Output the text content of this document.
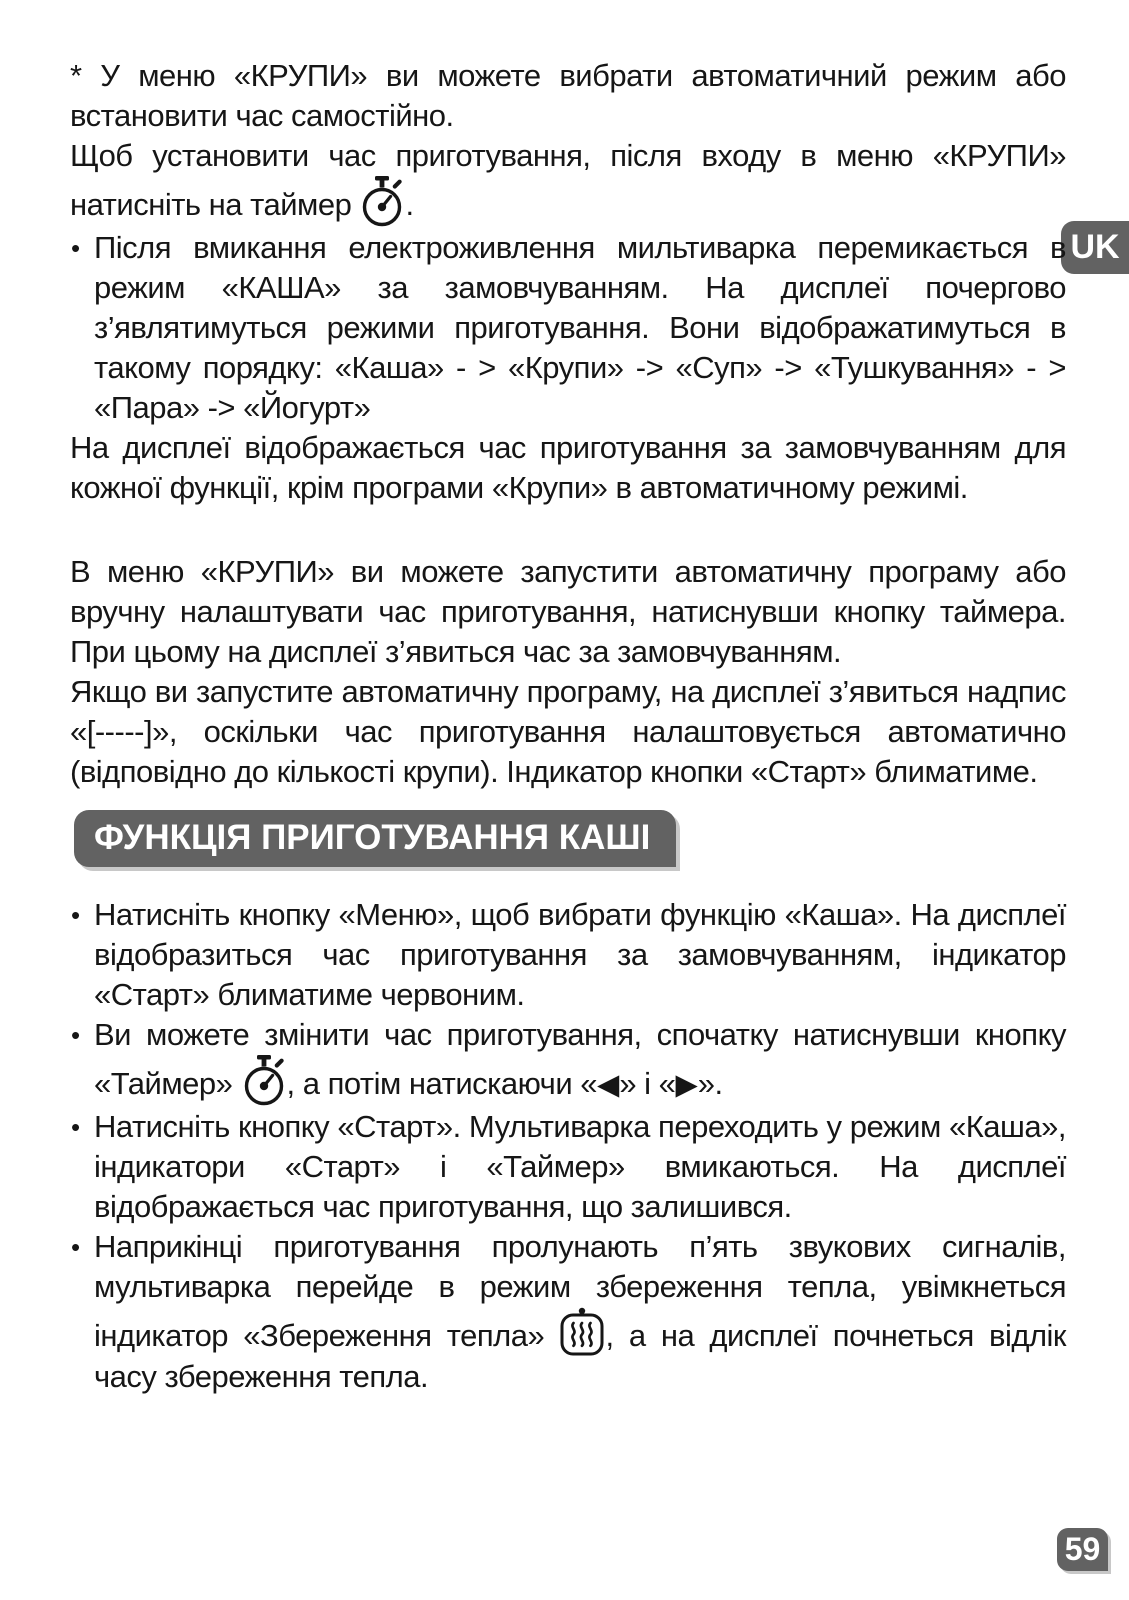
UK

* У меню «КРУПИ» ви можете вибрати автоматичний режим або встановити час самостійно.

Щоб установити час приготування, після входу в меню «КРУПИ» натисніть на таймер .

• Після вмикання електроживлення мильтиварка перемикається в режим «КАША» за замовчуванням. На дисплеї почергово з’являтимуться режими приготування. Вони відображатимуться в такому порядку: «Каша» - > «Крупи» -> «Суп» -> «Тушкування» - > «Пара» -> «Йогурт»

На дисплеї відображається час приготування за замовчуванням для кожної функції, крім програми «Крупи» в автоматичному режимі.

В меню «КРУПИ» ви можете запустити автоматичну програму або вручну налаштувати час приготування, натиснувши кнопку таймера. При цьому на дисплеї з’явиться час за замовчуванням.

Якщо ви запустите автоматичну програму, на дисплеї з’явиться надпис «[-----]», оскільки час приготування налаштовується автоматично (відповідно до кількості крупи). Індикатор кнопки «Старт» блиматиме.

ФУНКЦІЯ ПРИГОТУВАННЯ КАШІ
• Натисніть кнопку «Меню», щоб вибрати функцію «Каша». На дисплеї відобразиться час приготування за замовчуванням, індикатор «Старт» блиматиме червоним.
• Ви можете змінити час приготування, спочатку натиснувши кнопку «Таймер» , а потім натискаючи «◀» і «▶».
• Натисніть кнопку «Старт». Мультиварка переходить у режим «Каша», індикатори «Старт» і «Таймер» вмикаються. На дисплеї відображається час приготування, що залишився.
• Наприкінці приготування пролунають п’ять звукових сигналів, мультиварка перейде в режим збереження тепла, увімкнеться індикатор «Збереження тепла» , а на дисплеї почнеться відлік часу збереження тепла.
59
